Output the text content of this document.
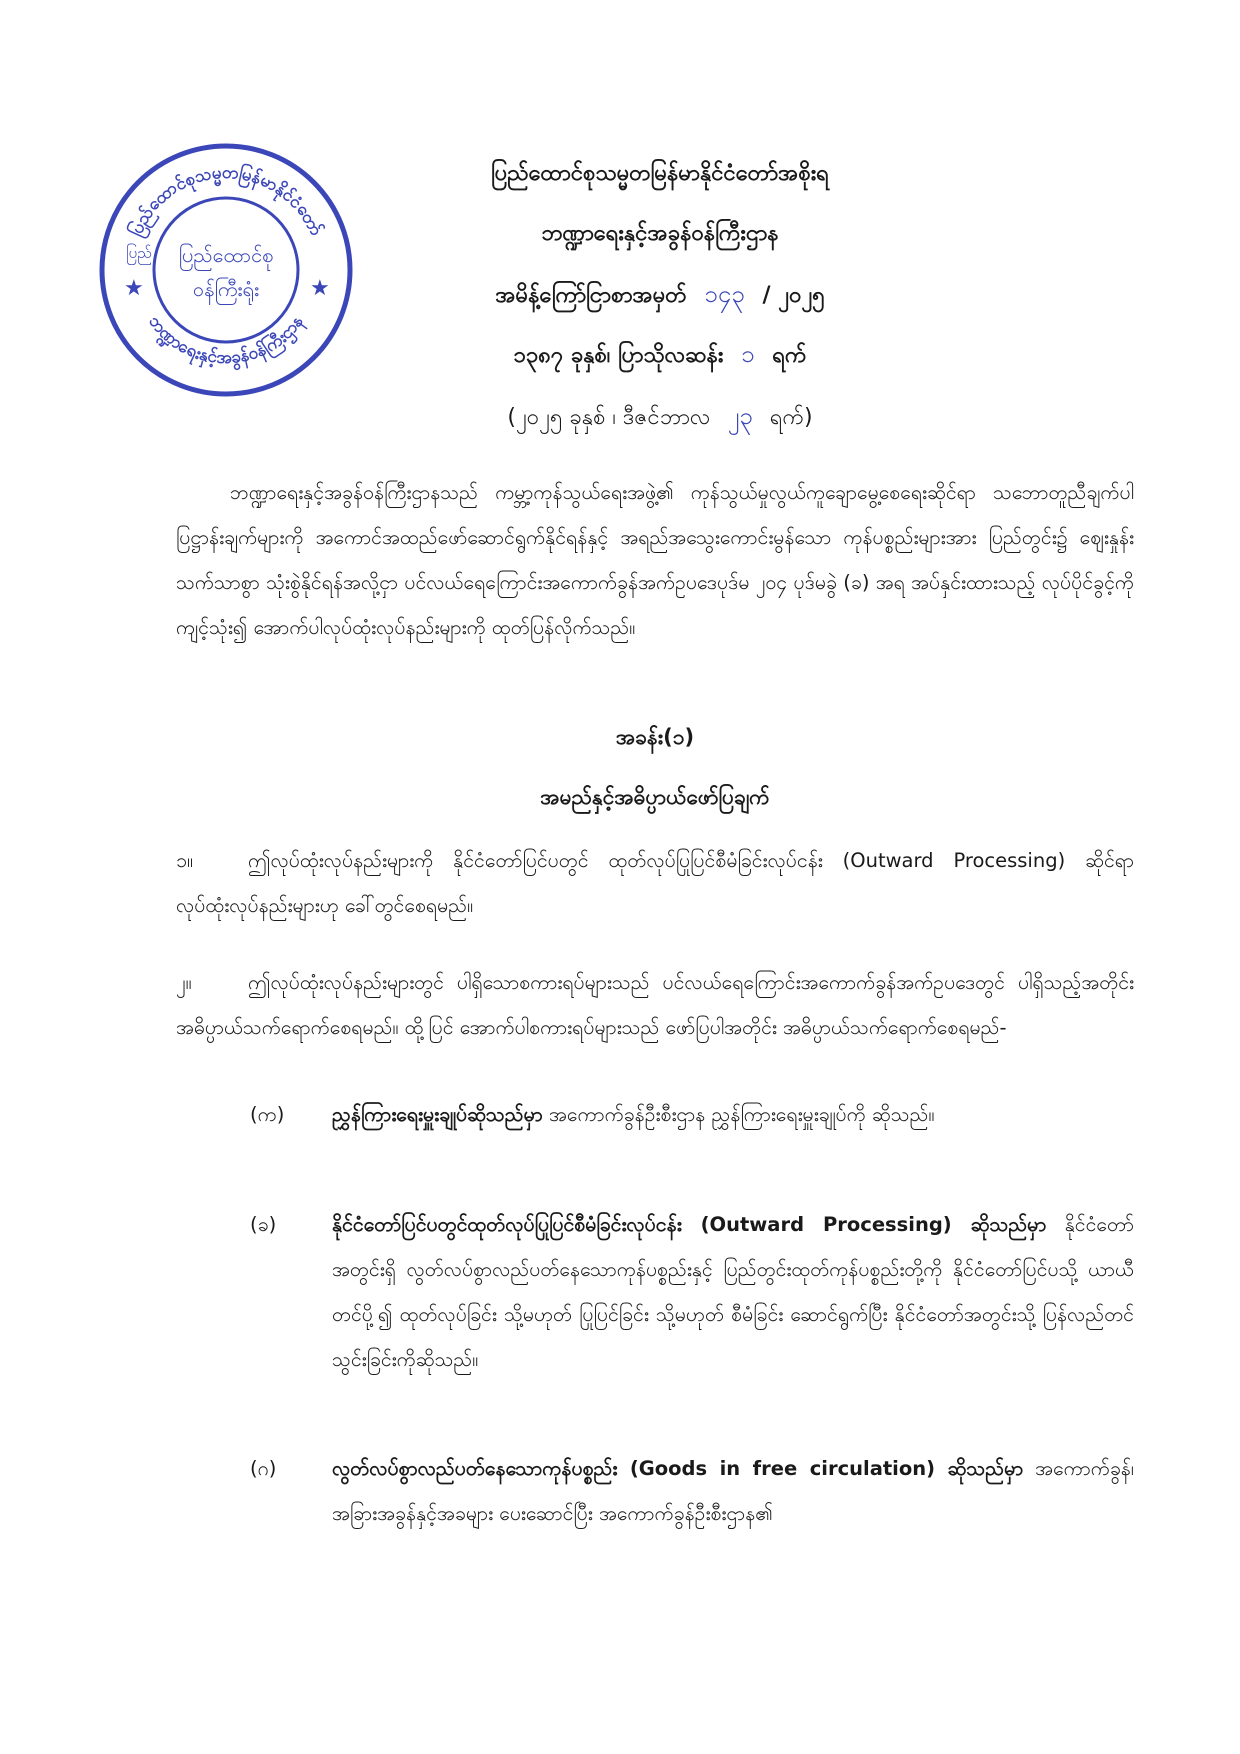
ပြည်ထောင်စုသမ္မတမြန်မာနိုင်ငံတော်
ဘဏ္ဍာရေးနှင့်အခွန်ဝန်ကြီးဌာန
ပြည်ထောင်စု
ဝန်ကြီးရုံး
★	★
ပြည်
ပြည်ထောင်စုသမ္မတမြန်မာနိုင်ငံတော်အစိုးရ
ဘဏ္ဍာရေးနှင့်အခွန်ဝန်ကြီးဌာန
အမိန့်ကြော်ငြာစာအမှတ် ၁၄၃ / ၂၀၂၅
၁၃၈၇ ခုနှစ်၊ ပြာသိုလဆန်း ၁ ရက်
(၂၀၂၅ ခုနှစ် ၊ ဒီဇင်ဘာလ ၂၃ ရက်)
ဘဏ္ဍာရေးနှင့်အခွန်ဝန်ကြီးဌာနသည် ကမ္ဘာ့ကုန်သွယ်ရေးအဖွဲ့၏ ကုန်သွယ်မှုလွယ်ကူချောမွေ့စေရေးဆိုင်ရာ သဘောတူညီချက်ပါ ပြဋ္ဌာန်းချက်များကို အကောင်အထည်ဖော်ဆောင်ရွက်နိုင်ရန်နှင့် အရည်အသွေးကောင်းမွန်သော ကုန်ပစ္စည်းများအား ပြည်တွင်း၌ ဈေးနှုန်းသက်သာစွာ သုံးစွဲနိုင်ရန်အလို့ငှာ ပင်လယ်ရေကြောင်းအကောက်ခွန်အက်ဥပဒေပုဒ်မ ၂၀၄ ပုဒ်မခွဲ (ခ) အရ အပ်နှင်းထားသည့် လုပ်ပိုင်ခွင့်ကိုကျင့်သုံး၍ အောက်ပါလုပ်ထုံးလုပ်နည်းများကို ထုတ်ပြန်လိုက်သည်။
အခန်း(၁)
အမည်နှင့်အဓိပ္ပာယ်ဖော်ပြချက်
၁။	ဤလုပ်ထုံးလုပ်နည်းများကို နိုင်ငံတော်ပြင်ပတွင် ထုတ်လုပ်ပြုပြင်စီမံခြင်းလုပ်ငန်း (Outward Processing) ဆိုင်ရာ လုပ်ထုံးလုပ်နည်းများဟု ခေါ်တွင်စေရမည်။
၂။	ဤလုပ်ထုံးလုပ်နည်းများတွင် ပါရှိသောစကားရပ်များသည် ပင်လယ်ရေကြောင်းအကောက်ခွန်အက်ဥပဒေတွင် ပါရှိသည့်အတိုင်း အဓိပ္ပာယ်သက်ရောက်စေရမည်။ ထို့ပြင် အောက်ပါစကားရပ်များသည် ဖော်ပြပါအတိုင်း အဓိပ္ပာယ်သက်ရောက်စေရမည်-
(က)	ညွှန်ကြားရေးမှူးချုပ်ဆိုသည်မှာ အကောက်ခွန်ဦးစီးဌာန ညွှန်ကြားရေးမှူးချုပ်ကို ဆိုသည်။
(ခ)	နိုင်ငံတော်ပြင်ပတွင်ထုတ်လုပ်ပြုပြင်စီမံခြင်းလုပ်ငန်း (Outward Processing) ဆိုသည်မှာ နိုင်ငံတော်အတွင်းရှိ လွတ်လပ်စွာလည်ပတ်နေသောကုန်ပစ္စည်းနှင့် ပြည်တွင်းထုတ်ကုန်ပစ္စည်းတို့ကို နိုင်ငံတော်ပြင်ပသို့ ယာယီတင်ပို့၍ ထုတ်လုပ်ခြင်း သို့မဟုတ် ပြုပြင်ခြင်း သို့မဟုတ် စီမံခြင်း ဆောင်ရွက်ပြီး နိုင်ငံတော်အတွင်းသို့ ပြန်လည်တင်သွင်းခြင်းကိုဆိုသည်။
(ဂ)	လွတ်လပ်စွာလည်ပတ်နေသောကုန်ပစ္စည်း (Goods in free circulation) ဆိုသည်မှာ အကောက်ခွန်၊ အခြားအခွန်နှင့်အခများ ပေးဆောင်ပြီး အကောက်ခွန်ဦးစီးဌာန၏
